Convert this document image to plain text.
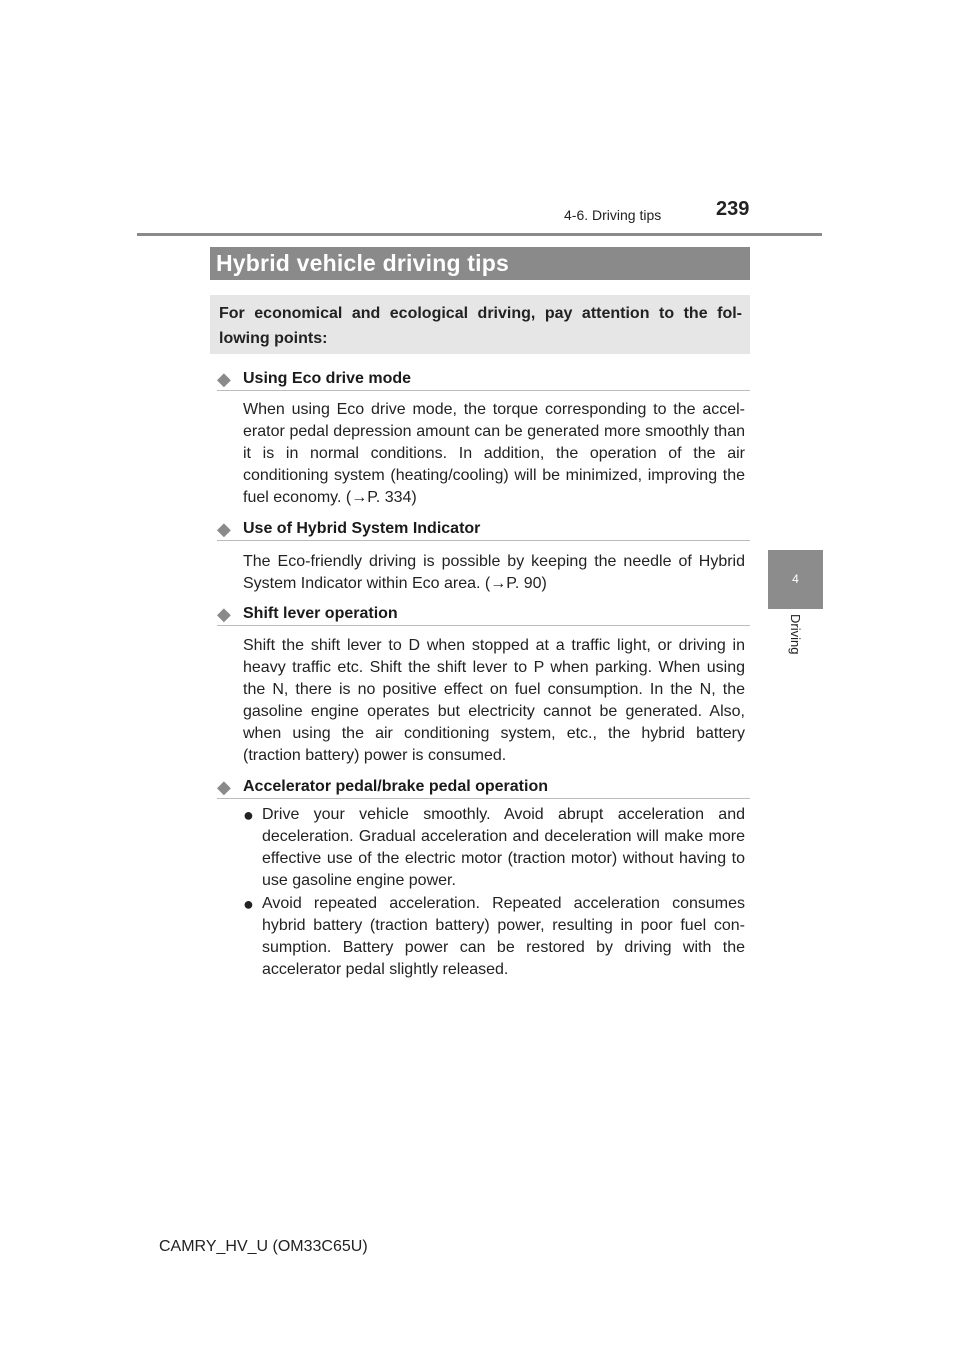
239
4-6. Driving tips
4
Driving
Hybrid vehicle driving tips
For economical and ecological driving, pay attention to the fol-lowing points:
◆ Using Eco drive mode
When using Eco drive mode, the torque corresponding to the accel-erator pedal depression amount can be generated more smoothly than it is in normal conditions. In addition, the operation of the air conditioning system (heating/cooling) will be minimized, improving the fuel economy. (→P. 334)
◆ Use of Hybrid System Indicator
The Eco-friendly driving is possible by keeping the needle of Hybrid System Indicator within Eco area. (→P. 90)
◆ Shift lever operation
Shift the shift lever to D when stopped at a traffic light, or driving in heavy traffic etc. Shift the shift lever to P when parking. When using the N, there is no positive effect on fuel consumption. In the N, the gasoline engine operates but electricity cannot be generated. Also, when using the air conditioning system, etc., the hybrid battery (traction battery) power is consumed.
◆ Accelerator pedal/brake pedal operation
● Drive your vehicle smoothly. Avoid abrupt acceleration and deceleration. Gradual acceleration and deceleration will make more effective use of the electric motor (traction motor) without having to use gasoline engine power.
● Avoid repeated acceleration. Repeated acceleration consumes hybrid battery (traction battery) power, resulting in poor fuel con-sumption. Battery power can be restored by driving with the accelerator pedal slightly released.
CAMRY_HV_U (OM33C65U)
